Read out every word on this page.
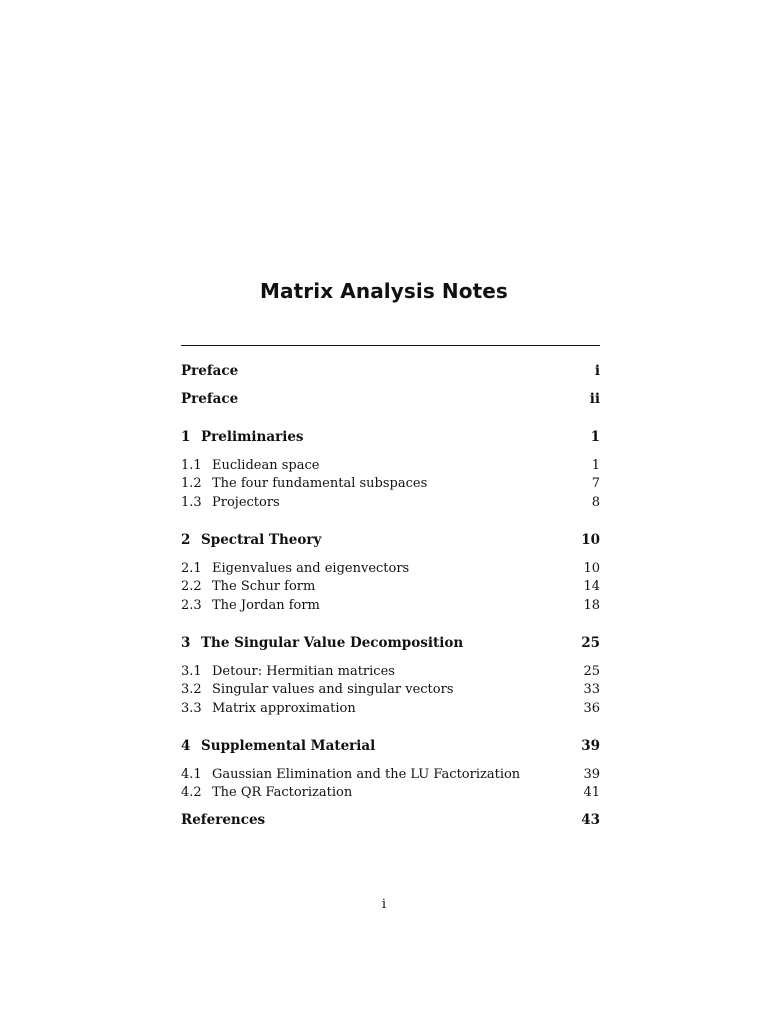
Matrix Analysis Notes
Preface	i
Preface	ii
1 Preliminaries	1
1.1 Euclidean space	1
1.2 The four fundamental subspaces	7
1.3 Projectors	8
2 Spectral Theory	10
2.1 Eigenvalues and eigenvectors	10
2.2 The Schur form	14
2.3 The Jordan form	18
3 The Singular Value Decomposition	25
3.1 Detour: Hermitian matrices	25
3.2 Singular values and singular vectors	33
3.3 Matrix approximation	36
4 Supplemental Material	39
4.1 Gaussian Elimination and the LU Factorization	39
4.2 The QR Factorization	41
References	43
i
